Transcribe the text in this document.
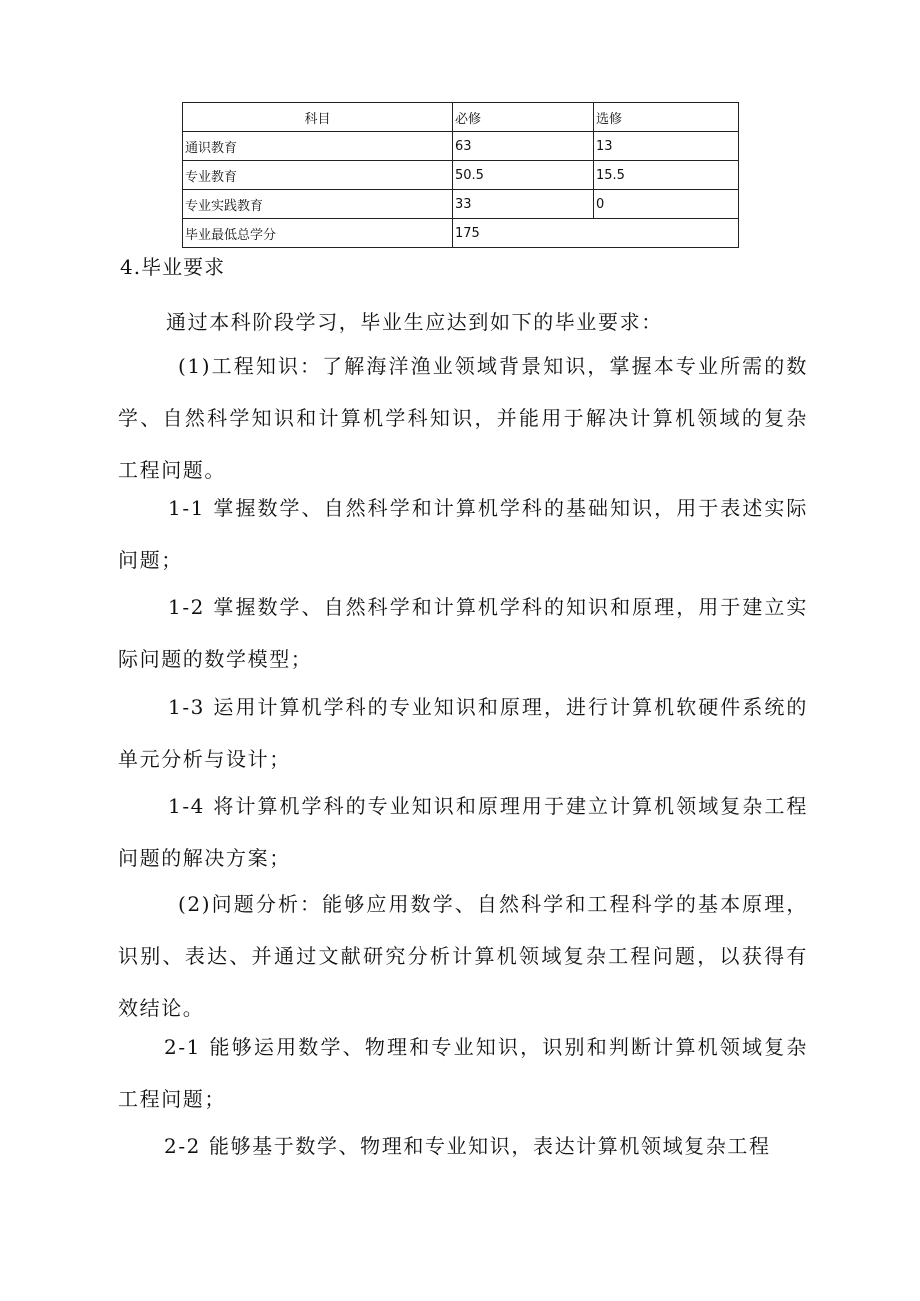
科目	必修	选修
通识教育	63	13
专业教育	50.5	15.5
专业实践教育	33	0
毕业最低总学分	175	
4.毕业要求

通过本科阶段学习，毕业生应达到如下的毕业要求：

(1)工程知识：了解海洋渔业领域背景知识，掌握本专业所需的数学、自然科学知识和计算机学科知识，并能用于解决计算机领域的复杂工程问题。

1-1 掌握数学、自然科学和计算机学科的基础知识，用于表述实际问题；

1-2 掌握数学、自然科学和计算机学科的知识和原理，用于建立实际问题的数学模型；

1-3 运用计算机学科的专业知识和原理，进行计算机软硬件系统的单元分析与设计；

1-4 将计算机学科的专业知识和原理用于建立计算机领域复杂工程问题的解决方案；

(2)问题分析：能够应用数学、自然科学和工程科学的基本原理，识别、表达、并通过文献研究分析计算机领域复杂工程问题，以获得有效结论。

2-1 能够运用数学、物理和专业知识，识别和判断计算机领域复杂工程问题；

2-2 能够基于数学、物理和专业知识，表达计算机领域复杂工程
